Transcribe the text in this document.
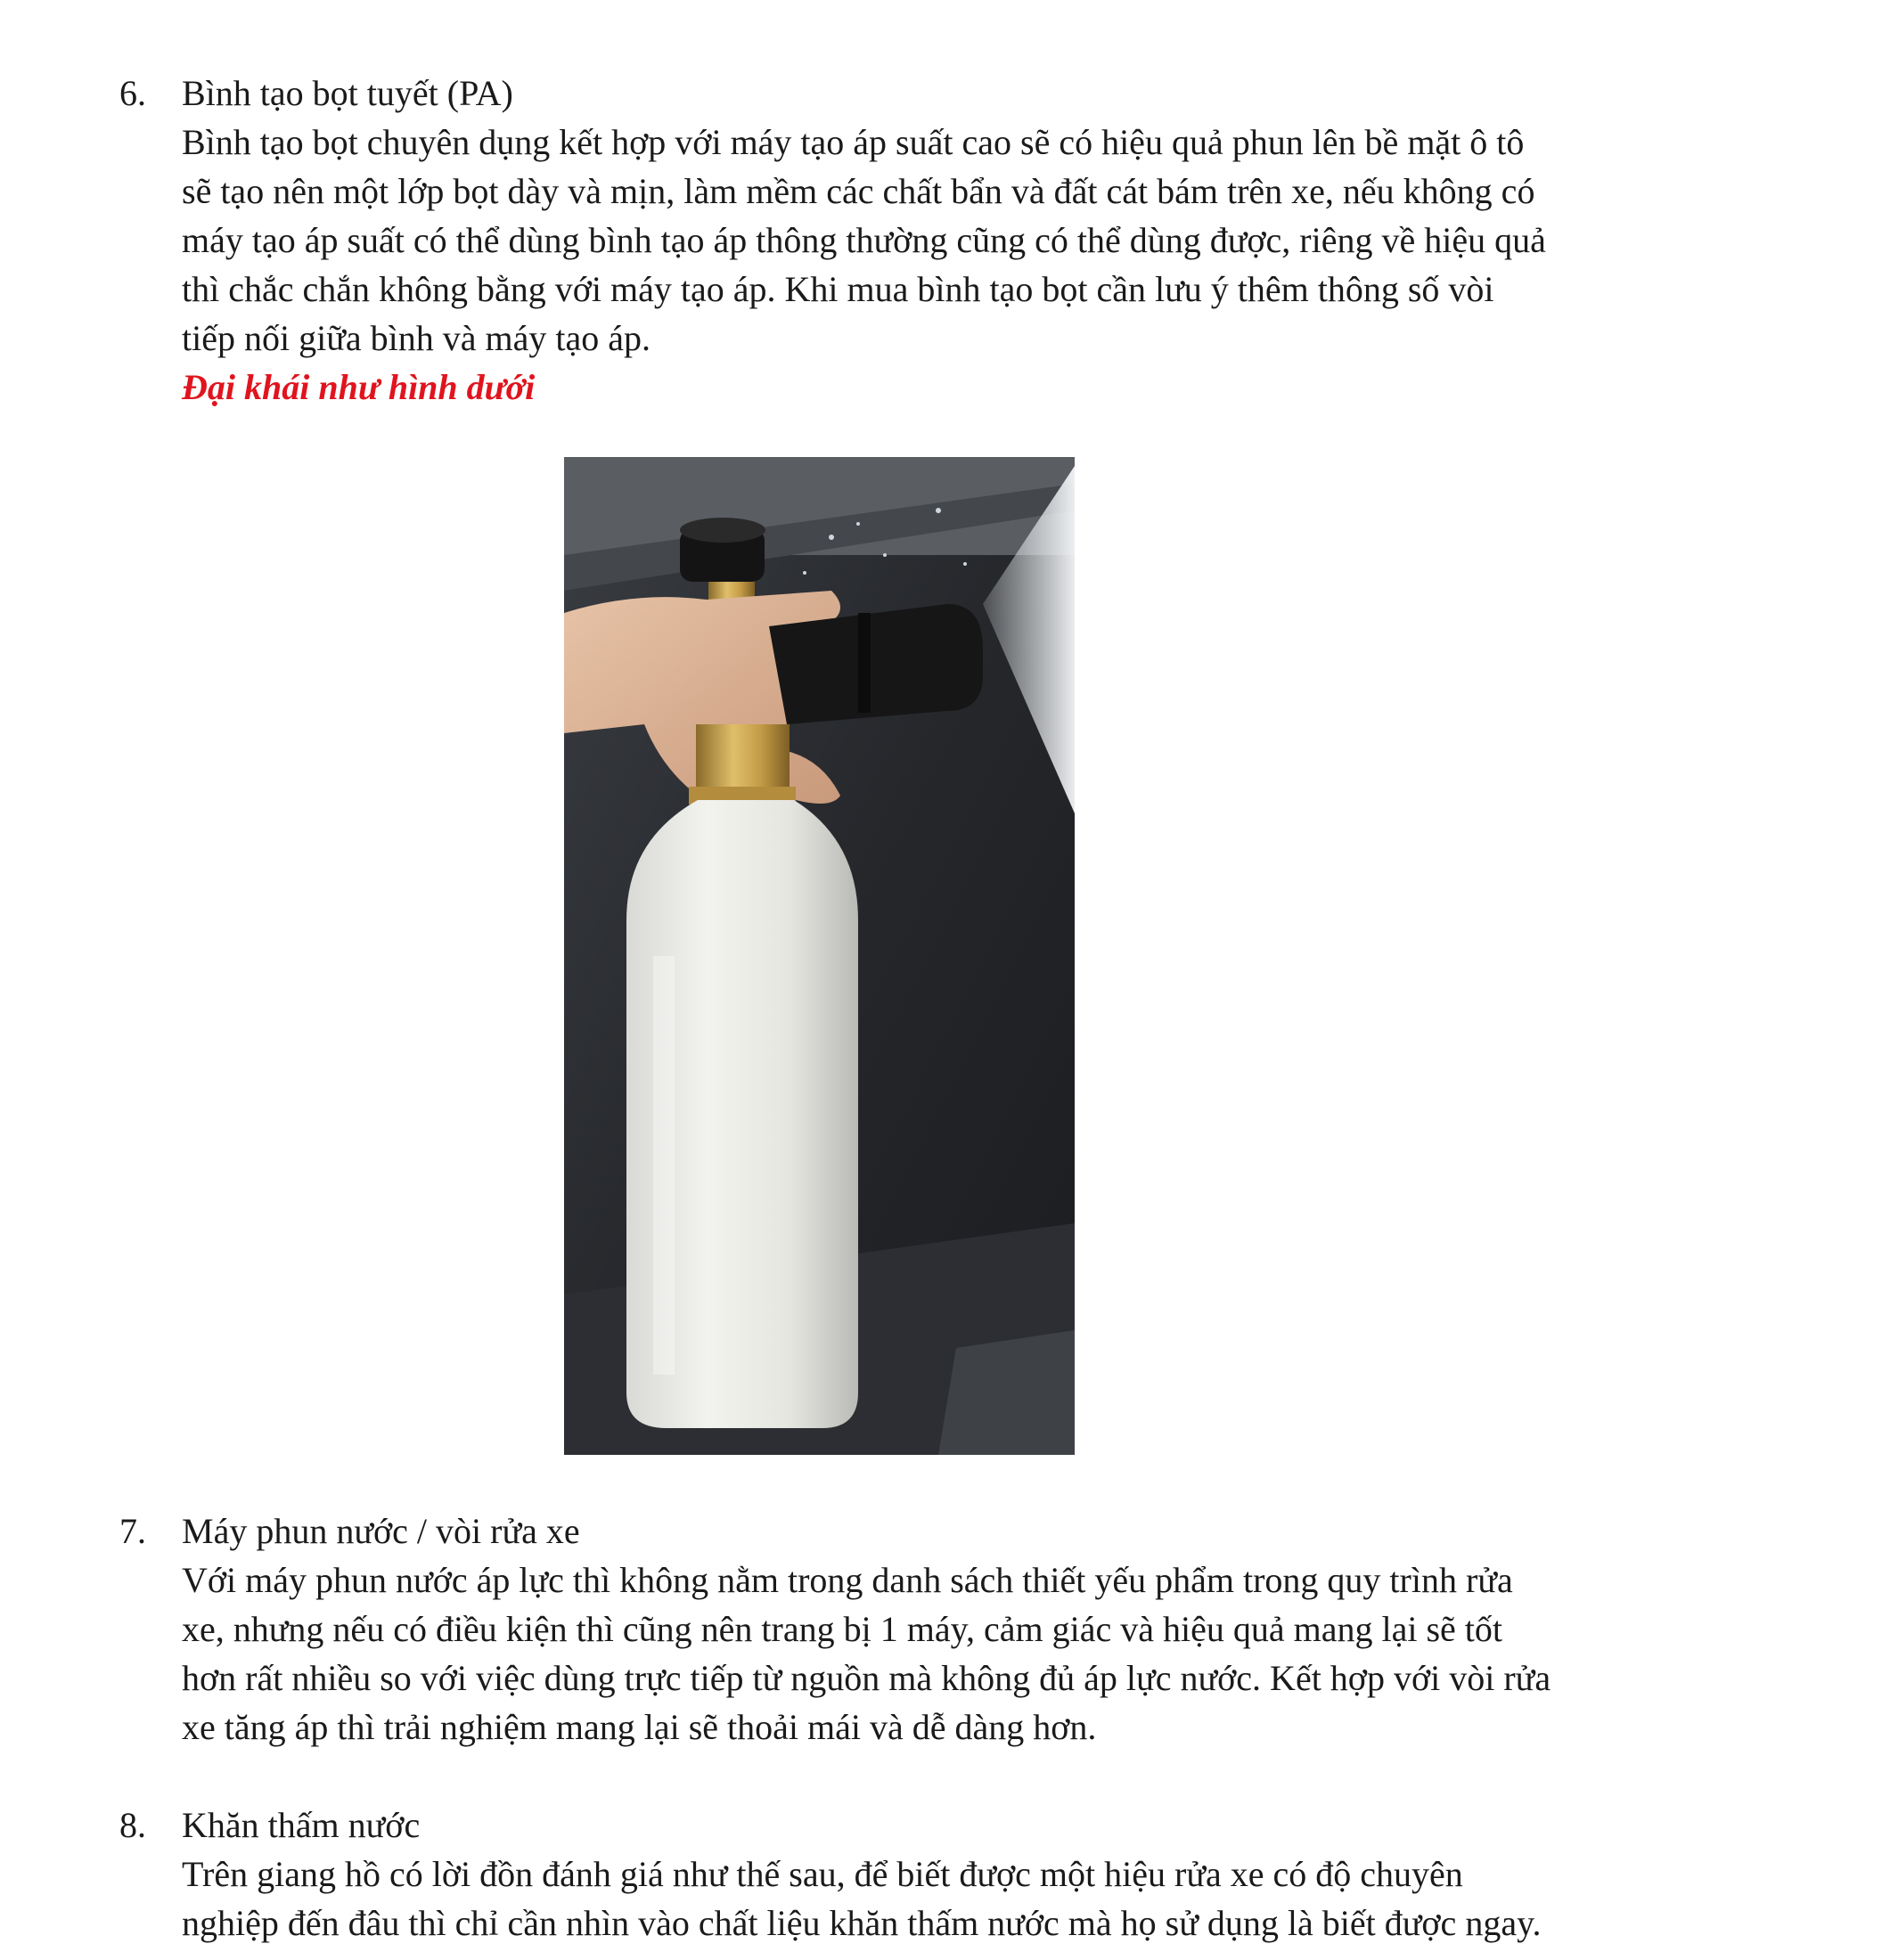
6. Bình tạo bọt tuyết (PA)
Bình tạo bọt chuyên dụng kết hợp với máy tạo áp suất cao sẽ có hiệu quả phun lên bề mặt ô tô
sẽ tạo nên một lớp bọt dày và mịn, làm mềm các chất bẩn và đất cát bám trên xe, nếu không có
máy tạo áp suất có thể dùng bình tạo áp thông thường cũng có thể dùng được, riêng về hiệu quả
thì chắc chắn không bằng với máy tạo áp. Khi mua bình tạo bọt cần lưu ý thêm thông số vòi
tiếp nối giữa bình và máy tạo áp.
Đại khái như hình dưới
7. Máy phun nước / vòi rửa xe
Với máy phun nước áp lực thì không nằm trong danh sách thiết yếu phẩm trong quy trình rửa
xe, nhưng nếu có điều kiện thì cũng nên trang bị 1 máy, cảm giác và hiệu quả mang lại sẽ tốt
hơn rất nhiều so với việc dùng trực tiếp từ nguồn mà không đủ áp lực nước. Kết hợp với vòi rửa
xe tăng áp thì trải nghiệm mang lại sẽ thoải mái và dễ dàng hơn.
8. Khăn thấm nước
Trên giang hồ có lời đồn đánh giá như thế sau, để biết được một hiệu rửa xe có độ chuyên
nghiệp đến đâu thì chỉ cần nhìn vào chất liệu khăn thấm nước mà họ sử dụng là biết được ngay.
